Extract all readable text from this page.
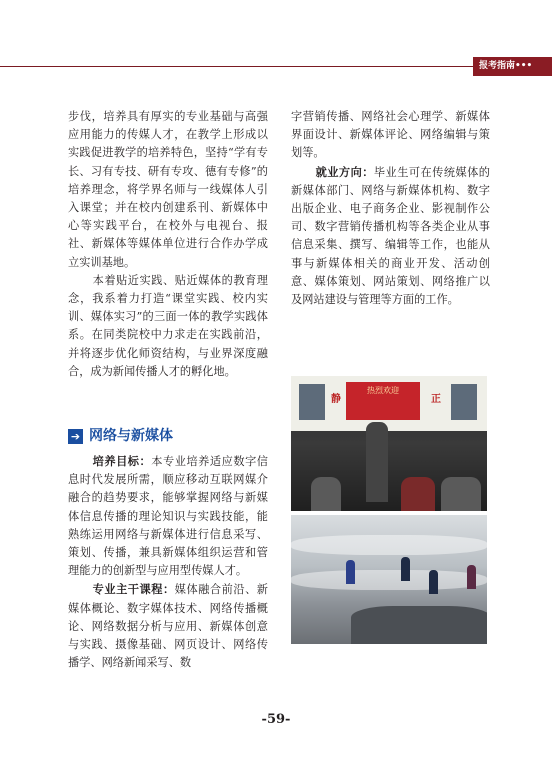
报考指南•••

步伐，培养具有厚实的专业基础与高强应用能力的传媒人才，在教学上形成以实践促进教学的培养特色，坚持“学有专长、习有专技、研有专攻、德有专修”的培养理念，将学界名师与一线媒体人引入课堂；并在校内创建系刊、新媒体中心等实践平台，在校外与电视台、报社、新媒体等媒体单位进行合作办学成立实训基地。

本着贴近实践、贴近媒体的教育理念，我系着力打造“课堂实践、校内实训、媒体实习”的三面一体的教学实践体系。在同类院校中力求走在实践前沿，并将逐步优化师资结构，与业界深度融合，成为新闻传播人才的孵化地。

➔ 网络与新媒体

培养目标：本专业培养适应数字信息时代发展所需，顺应移动互联网媒介融合的趋势要求，能够掌握网络与新媒体信息传播的理论知识与实践技能，能熟练运用网络与新媒体进行信息采写、策划、传播，兼具新媒体组织运营和管理能力的创新型与应用型传媒人才。

专业主干课程：媒体融合前沿、新媒体概论、数字媒体技术、网络传播概论、网络数据分析与应用、新媒体创意与实践、摄像基础、网页设计、网络传播学、网络新闻采写、数

字营销传播、网络社会心理学、新媒体界面设计、新媒体评论、网络编辑与策划等。

就业方向：毕业生可在传统媒体的新媒体部门、网络与新媒体机构、数字出版企业、电子商务企业、影视制作公司、数字营销传播机构等各类企业从事信息采集、撰写、编辑等工作，也能从事与新媒体相关的商业开发、活动创意、媒体策划、网站策划、网络推广以及网站建设与管理等方面的工作。

静	正
热烈欢迎
-59-
